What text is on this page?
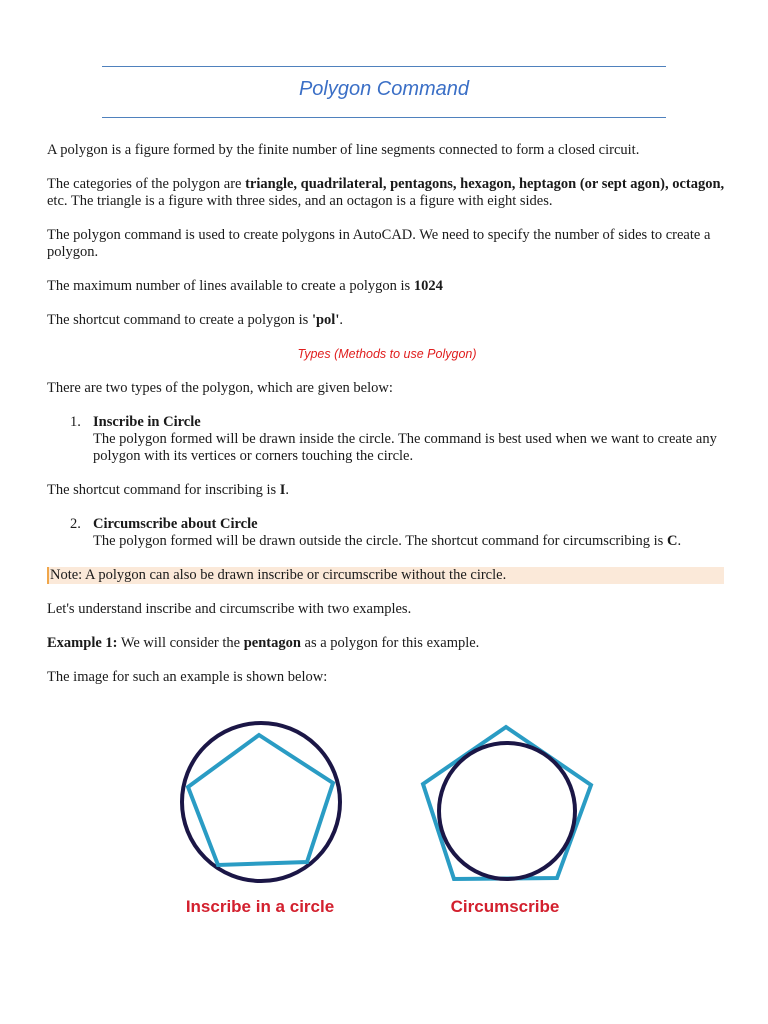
Polygon Command

A polygon is a figure formed by the finite number of line segments connected to form a closed circuit.

The categories of the polygon are triangle, quadrilateral, pentagons, hexagon, heptagon (or sept agon), octagon, etc. The triangle is a figure with three sides, and an octagon is a figure with eight sides.

The polygon command is used to create polygons in AutoCAD. We need to specify the number of sides to create a polygon.

The maximum number of lines available to create a polygon is 1024

The shortcut command to create a polygon is 'pol'.

Types (Methods to use Polygon)

There are two types of the polygon, which are given below:

1. Inscribe in Circle
The polygon formed will be drawn inside the circle. The command is best used when we want to create any polygon with its vertices or corners touching the circle.

The shortcut command for inscribing is I.

2. Circumscribe about Circle
The polygon formed will be drawn outside the circle. The shortcut command for circumscribing is C.

Note: A polygon can also be drawn inscribe or circumscribe without the circle.

Let's understand inscribe and circumscribe with two examples.

Example 1: We will consider the pentagon as a polygon for this example.

The image for such an example is shown below:

Inscribe in a circle	Circumscribe
